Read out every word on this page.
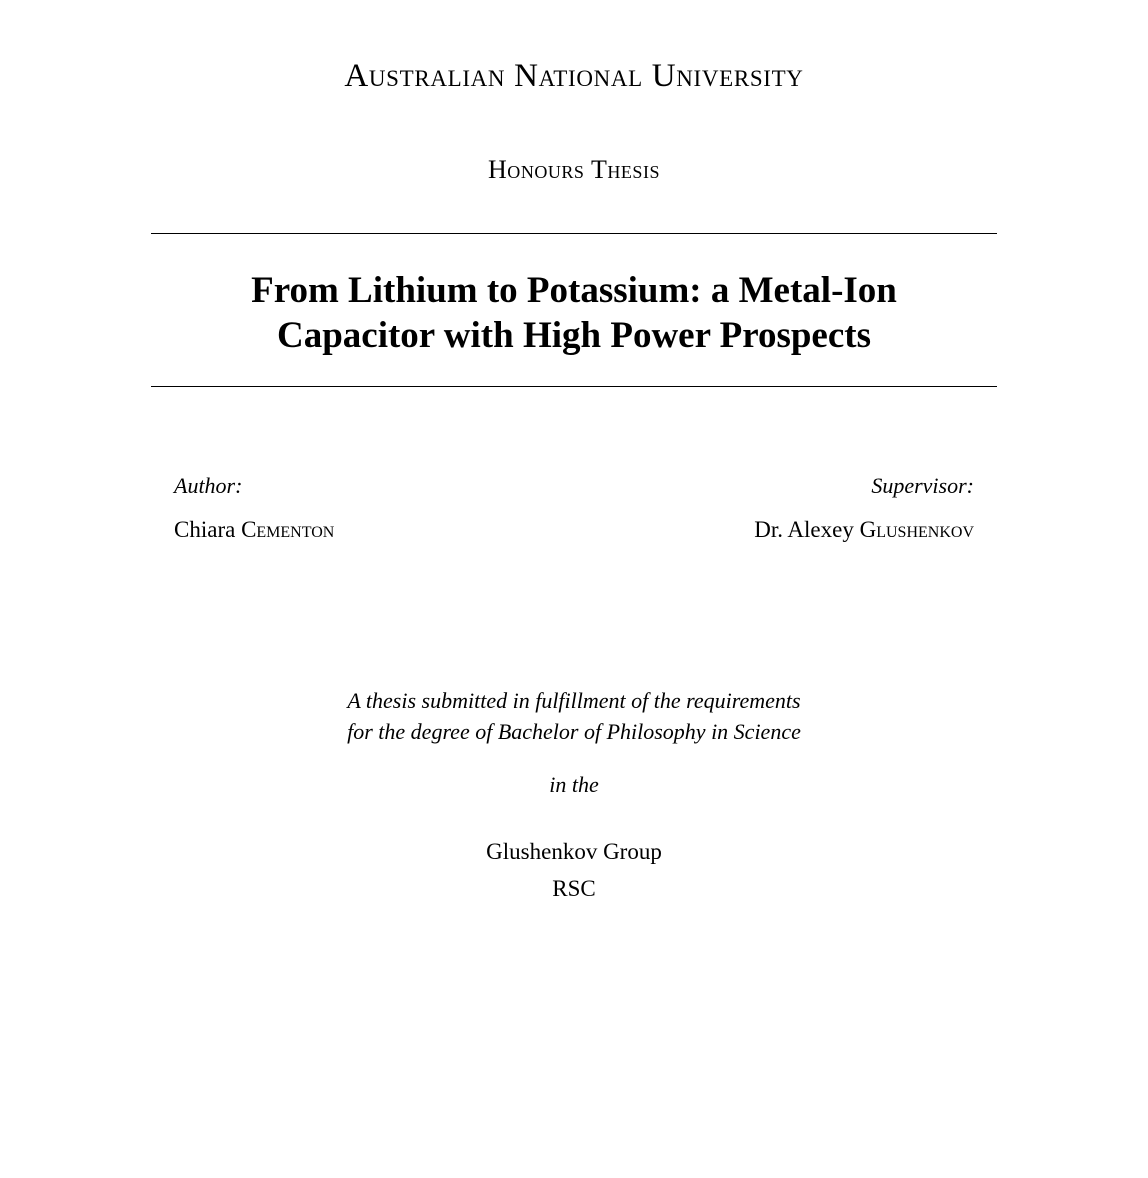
Australian National University
Honours Thesis
From Lithium to Potassium: a Metal-Ion
Capacitor with High Power Prospects
Author:
Chiara Cementon
Supervisor:
Dr. Alexey Glushenkov
A thesis submitted in fulfillment of the requirements
for the degree of Bachelor of Philosophy in Science
in the
Glushenkov Group
RSC
